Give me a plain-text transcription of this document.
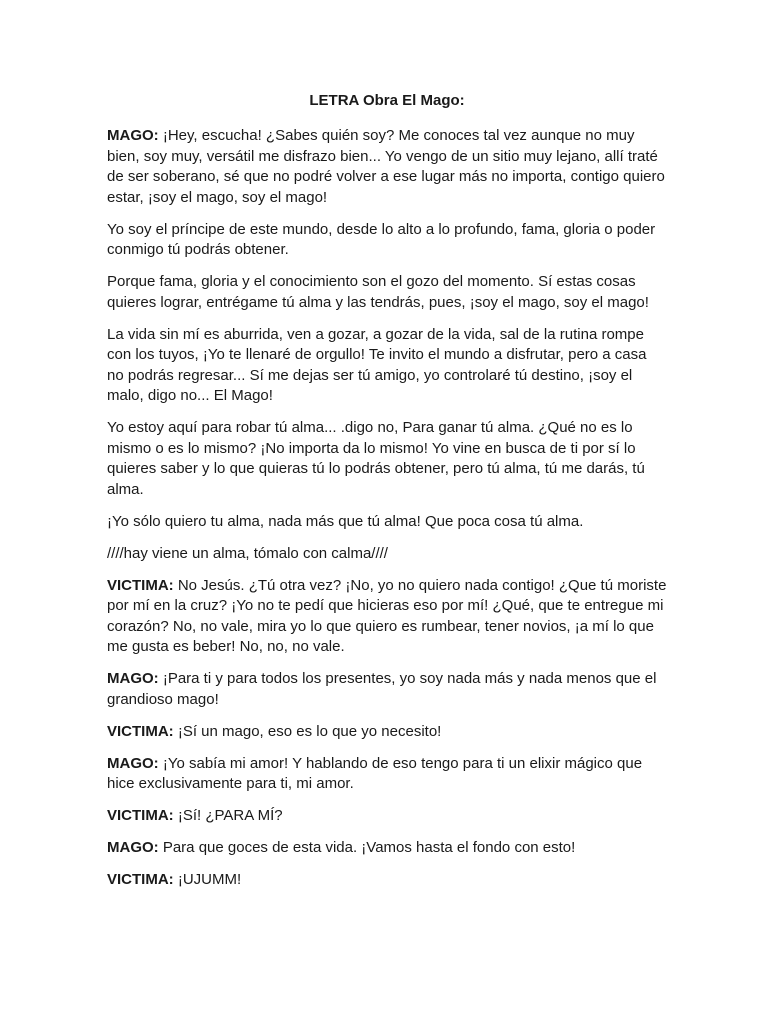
LETRA Obra El Mago:

MAGO: ¡Hey, escucha! ¿Sabes quién soy? Me conoces tal vez aunque no muy bien, soy muy, versátil me disfrazo bien... Yo vengo de un sitio muy lejano, allí traté de ser soberano, sé que no podré volver a ese lugar más no importa, contigo quiero estar, ¡soy el mago, soy el mago!

Yo soy el príncipe de este mundo, desde lo alto a lo profundo, fama, gloria o poder conmigo tú podrás obtener.

Porque fama, gloria y el conocimiento son el gozo del momento. Sí estas cosas quieres lograr, entrégame tú alma y las tendrás, pues, ¡soy el mago, soy el mago!

La vida sin mí es aburrida, ven a gozar, a gozar de la vida, sal de la rutina rompe con los tuyos, ¡Yo te llenaré de orgullo! Te invito el mundo a disfrutar, pero a casa no podrás regresar... Sí me dejas ser tú amigo, yo controlaré tú destino, ¡soy el malo, digo no... El Mago!

Yo estoy aquí para robar tú alma... .digo no, Para ganar tú alma. ¿Qué no es lo mismo o es lo mismo? ¡No importa da lo mismo! Yo vine en busca de ti por sí lo quieres saber y lo que quieras tú lo podrás obtener, pero tú alma, tú me darás, tú alma.

¡Yo sólo quiero tu alma, nada más que tú alma! Que poca cosa tú alma.

////hay viene un alma, tómalo con calma////

VICTIMA: No Jesús. ¿Tú otra vez? ¡No, yo no quiero nada contigo! ¿Que tú moriste por mí en la cruz? ¡Yo no te pedí que hicieras eso por mí! ¿Qué, que te entregue mi corazón? No, no vale, mira yo lo que quiero es rumbear, tener novios, ¡a mí lo que me gusta es beber! No, no, no vale.

MAGO: ¡Para ti y para todos los presentes, yo soy nada más y nada menos que el grandioso mago!

VICTIMA: ¡Sí un mago, eso es lo que yo necesito!

MAGO: ¡Yo sabía mi amor! Y hablando de eso tengo para ti un elixir mágico que hice exclusivamente para ti, mi amor.

VICTIMA: ¡Sí! ¿PARA MÍ?

MAGO: Para que goces de esta vida. ¡Vamos hasta el fondo con esto!

VICTIMA: ¡UJUMM!
